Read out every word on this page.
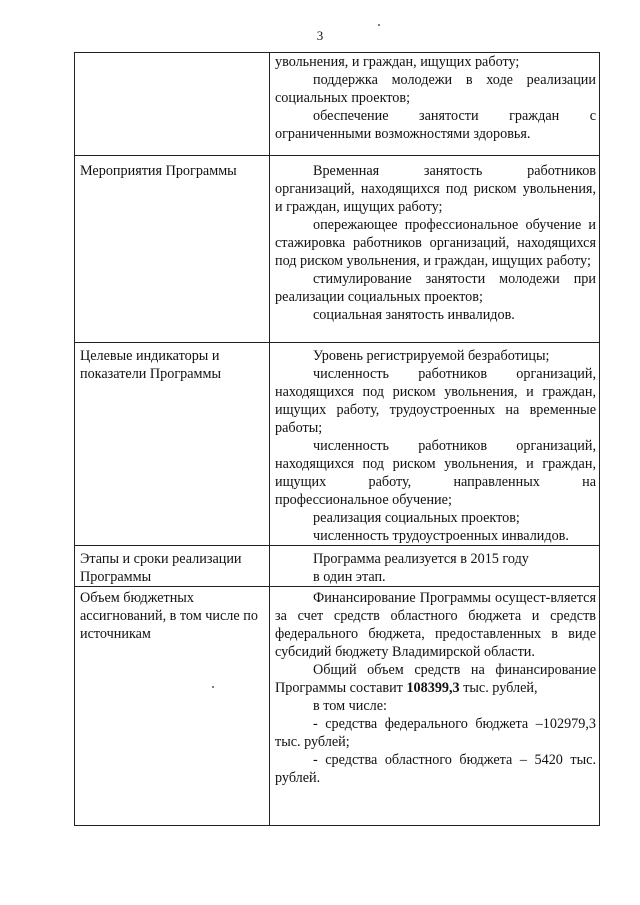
3

	увольнения, и граждан, ищущих работу;

поддержка молодежи в ходе реализации социальных проектов;

обеспечение занятости граждан с ограниченными возможностями здоровья.

Мероприятия Программы	Временная занятость работников организаций, находящихся под риском увольнения, и граждан, ищущих работу;

опережающее профессиональное обучение и стажировка работников организаций, находящихся под риском увольнения, и граждан, ищущих работу;

стимулирование занятости молодежи при реализации социальных проектов;

социальная занятость инвалидов.

Целевые индикаторы и показатели Программы	Уровень регистрируемой безработицы;

численность работников организаций, находящихся под риском увольнения, и граждан, ищущих работу, трудоустроенных на временные работы;

численность работников организаций, находящихся под риском увольнения, и граждан, ищущих работу, направленных на профессиональное обучение;

реализация социальных проектов;

численность трудоустроенных инвалидов.

Этапы и сроки реализации Программы	Программа реализуется в 2015 году

в один этап.

Объем бюджетных ассигнований, в том числе по источникам	Финансирование Программы осущест-вляется за счет средств областного бюджета и средств федерального бюджета, предоставленных в виде субсидий бюджету Владимирской области.

Общий объем средств на финансирование Программы составит 108399,3 тыс. рублей,

в том числе:

- средства федерального бюджета –102979,3 тыс. рублей;

- средства областного бюджета – 5420 тыс. рублей.
